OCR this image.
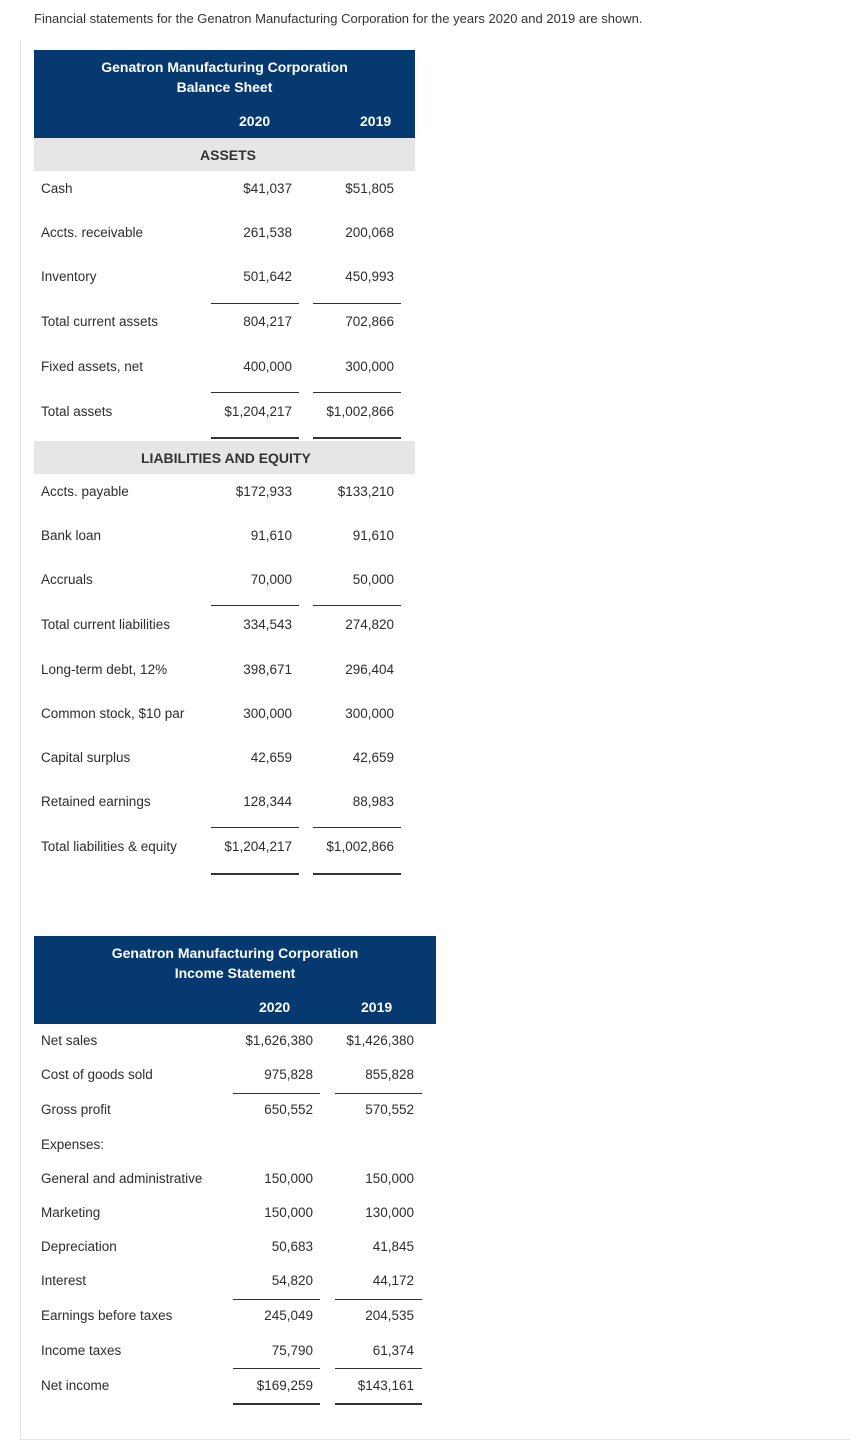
Financial statements for the Genatron Manufacturing Corporation for the years 2020 and 2019 are shown.
Genatron Manufacturing Corporation
Balance Sheet
2020	2019
ASSETS
LIABILITIES AND EQUITY
Cash	$41,037	$51,805
Accts. receivable	261,538	200,068
Inventory	501,642	450,993
Total current assets	804,217	702,866
Fixed assets, net	400,000	300,000
Total assets	$1,204,217	$1,002,866
Accts. payable	$172,933	$133,210
Bank loan	91,610	91,610
Accruals	70,000	50,000
Total current liabilities	334,543	274,820
Long-term debt, 12%	398,671	296,404
Common stock, $10 par	300,000	300,000
Capital surplus	42,659	42,659
Retained earnings	128,344	88,983
Total liabilities & equity	$1,204,217	$1,002,866
Genatron Manufacturing Corporation
Income Statement
2020	2019
Net sales	$1,626,380 $1,426,380
Cost of goods sold	975,828	855,828
Gross profit	650,552	570,552
Expenses:
General and administrative	150,000	150,000
Marketing	150,000	130,000
Depreciation	50,683	41,845
Interest	54,820	44,172
Earnings before taxes	245,049	204,535
Income taxes	75,790	61,374
Net income	$169,259	$143,161
